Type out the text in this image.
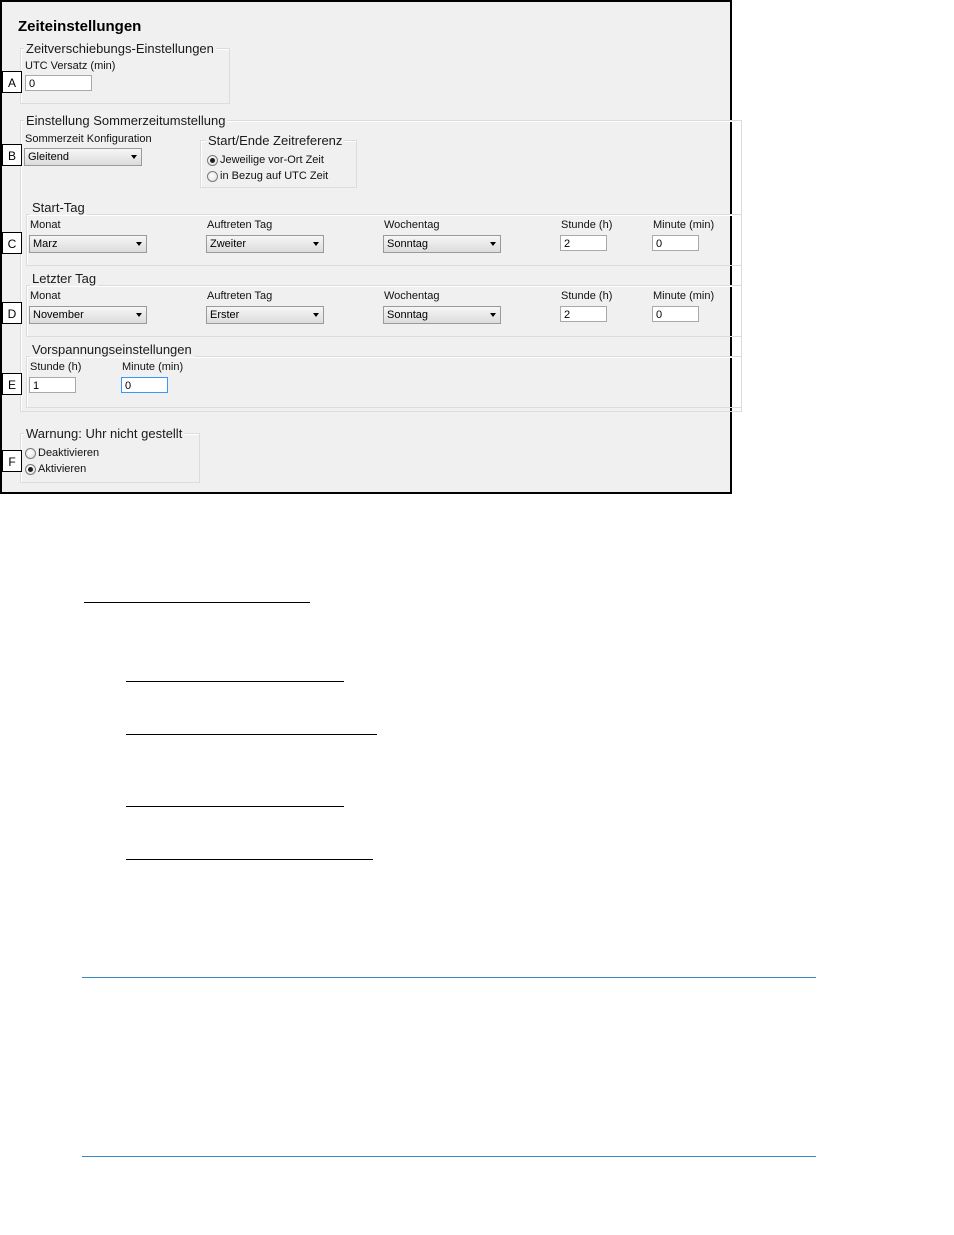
Zeiteinstellungen
Zeitverschiebungs-Einstellungen
UTC Versatz (min)
0
Einstellung Sommerzeitumstellung
Sommerzeit Konfiguration
Gleitend
Start/Ende Zeitreferenz
Jeweilige vor-Ort Zeit
in Bezug auf UTC Zeit
Start-Tag
Monat
Marz
Auftreten Tag
Zweiter
Wochentag
Sonntag
Stunde (h)
2
Minute (min)
0
Letzter Tag
Monat
November
Auftreten Tag
Erster
Wochentag
Sonntag
Stunde (h)
2
Minute (min)
0
Vorspannungseinstellungen
Stunde (h)
1
Minute (min)
0
Warnung: Uhr nicht gestellt
Deaktivieren
Aktivieren
A
B
C
D
E
F
